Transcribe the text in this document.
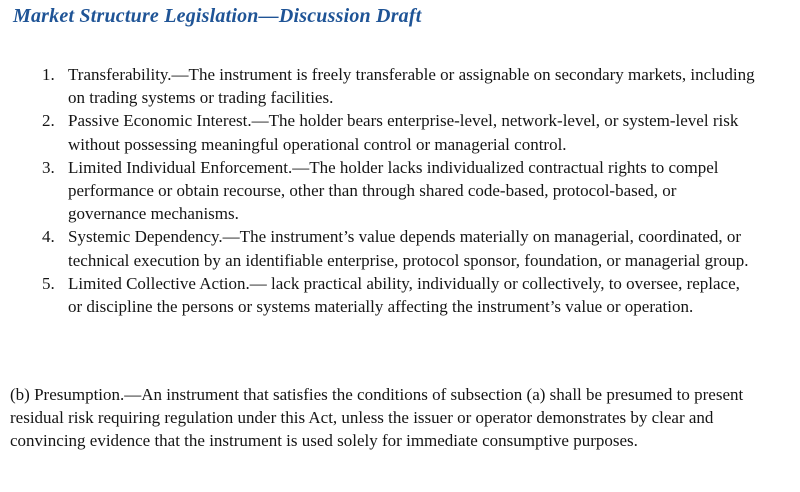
Market Structure Legislation—Discussion Draft
1. Transferability.—The instrument is freely transferable or assignable on secondary markets, including on trading systems or trading facilities.
2. Passive Economic Interest.—The holder bears enterprise-level, network-level, or system-level risk without possessing meaningful operational control or managerial control.
3. Limited Individual Enforcement.—The holder lacks individualized contractual rights to compel performance or obtain recourse, other than through shared code-based, protocol-based, or governance mechanisms.
4. Systemic Dependency.—The instrument’s value depends materially on managerial, coordinated, or technical execution by an identifiable enterprise, protocol sponsor, foundation, or managerial group.
5. Limited Collective Action.— lack practical ability, individually or collectively, to oversee, replace, or discipline the persons or systems materially affecting the instrument’s value or operation.

(b) Presumption.—An instrument that satisfies the conditions of subsection (a) shall be presumed to present residual risk requiring regulation under this Act, unless the issuer or operator demonstrates by clear and convincing evidence that the instrument is used solely for immediate consumptive purposes.
